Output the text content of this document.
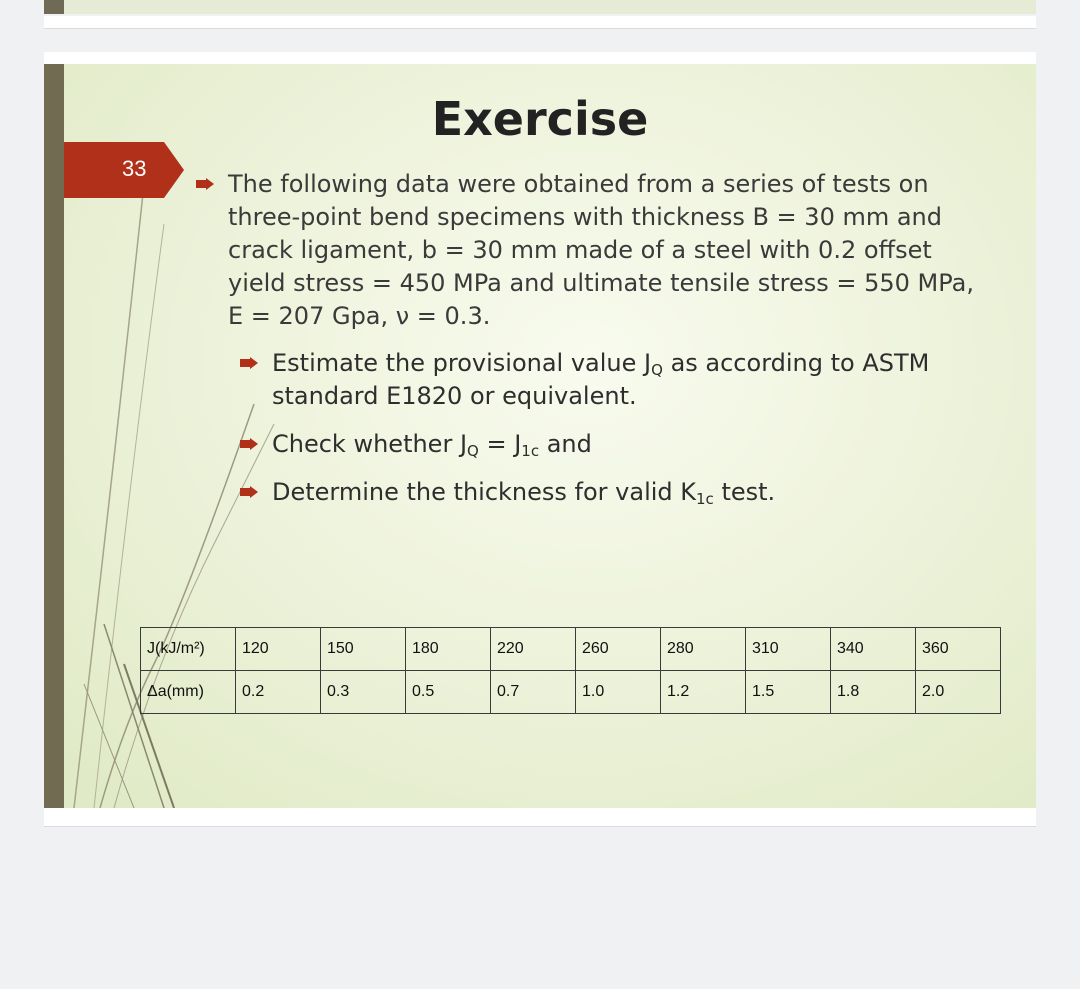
33
Exercise
The following data were obtained from a series of tests on three-point bend specimens with thickness B = 30 mm and crack ligament, b = 30 mm made of a steel with 0.2 offset yield stress = 450 MPa and ultimate tensile stress = 550 MPa, E = 207 Gpa, ν = 0.3.
Estimate the provisional value $J_Q$ as according to ASTM standard E1820 or equivalent.
Check whether $J_Q = J_{1c}$ and
Determine the thickness for valid $K_{1c}$ test.
J(kJ/m²)	120	150	180	220	260	280	310	340	360
Δa(mm)	0.2	0.3	0.5	0.7	1.0	1.2	1.5	1.8	2.0
